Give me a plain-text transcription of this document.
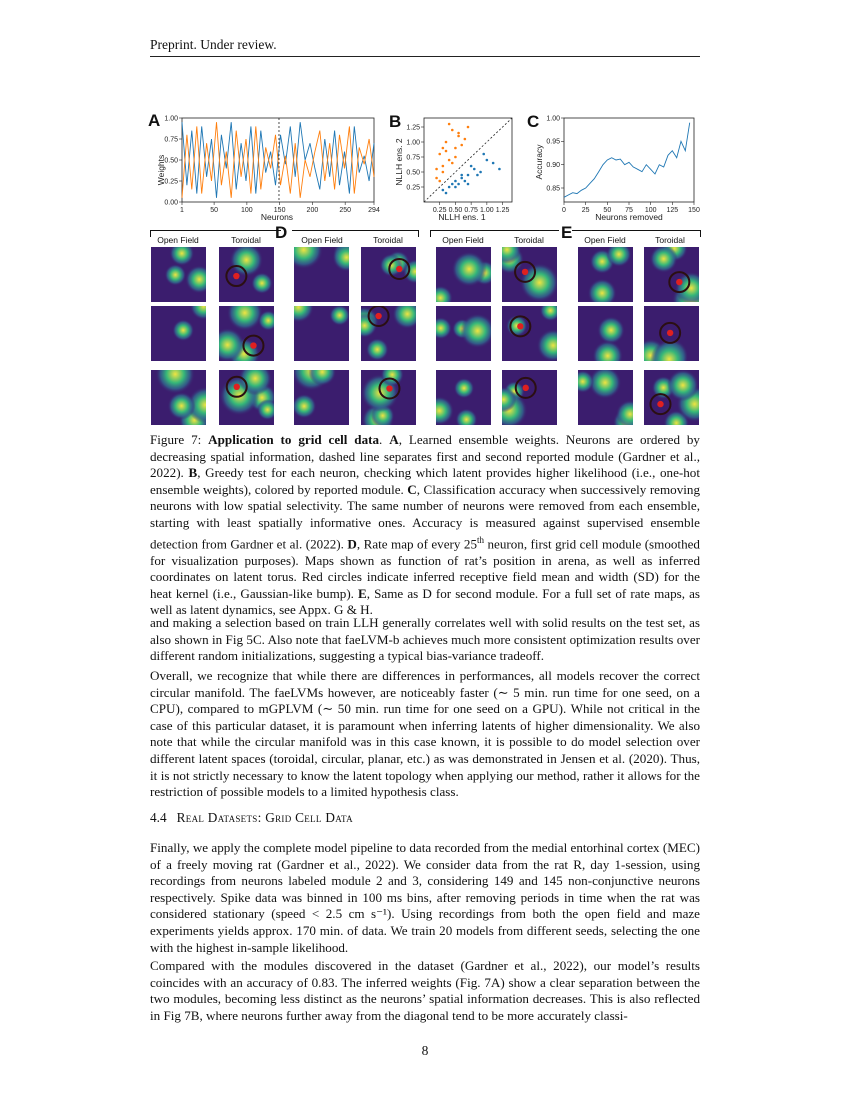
Preprint. Under review.
A
0.00
0.25
0.50
0.75
1.00
1	50	100	150	200	250 294
Weights
Neurons
B
0.25
0.50
0.75
1.00
1.25
0.25 0.50 0.75 1.00 1.25
NLLH ens. 2
NLLH ens. 1
C
0.85
0.90
0.95
1.00
0 25 50 75 100 125 150
Accuracy
Neurons removed
D	E
Open Field	Toroidal	Open Field	Toroidal	Open Field	Toroidal	Open Field	Toroidal
Figure 7: Application to grid cell data. A, Learned ensemble weights. Neurons are ordered by decreasing spatial information, dashed line separates first and second reported module (Gardner et al., 2022). B, Greedy test for each neuron, checking which latent provides higher likelihood (i.e., one-hot ensemble weights), colored by reported module. C, Classification accuracy when successively removing neurons with low spatial selectivity. The same number of neurons were removed from each ensemble, starting with least spatially informative ones. Accuracy is measured against supervised ensemble detection from Gardner et al. (2022). D, Rate map of every 25th neuron, first grid cell module (smoothed for visualization purposes). Maps shown as function of rat’s position in arena, as well as inferred coordinates on latent torus. Red circles indicate inferred receptive field mean and width (SD) for the heat kernel (i.e., Gaussian-like bump). E, Same as D for second module. For a full set of rate maps, as well as latent dynamics, see Appx. G & H.
and making a selection based on train LLH generally correlates well with solid results on the test set, as also shown in Fig 5C. Also note that faeLVM-b achieves much more consistent optimization results over different random initializations, suggesting a typical bias-variance tradeoff.
Overall, we recognize that while there are differences in performances, all models recover the correct circular manifold. The faeLVMs however, are noticeably faster (∼ 5 min. run time for one seed, on a CPU), compared to mGPLVM (∼ 50 min. run time for one seed on a GPU). While not critical in the case of this particular dataset, it is paramount when inferring latents of higher dimensionality. We also note that while the circular manifold was in this case known, it is possible to do model selection over different latent spaces (toroidal, circular, planar, etc.) as was demonstrated in Jensen et al. (2020). Thus, it is not strictly necessary to know the latent topology when applying our method, rather it allows for the restriction of possible models to a limited hypothesis class.
4.4 Real Datasets: Grid Cell Data
Finally, we apply the complete model pipeline to data recorded from the medial entorhinal cortex (MEC) of a freely moving rat (Gardner et al., 2022). We consider data from the rat R, day 1-session, using recordings from neurons labeled module 2 and 3, considering 149 and 145 non-conjunctive neurons respectively. Spike data was binned in 100 ms bins, after removing periods in time when the rat was considered stationary (speed < 2.5 cm s⁻¹). Using recordings from both the open field and maze experiments yields approx. 170 min. of data. We train 20 models from different seeds, selecting the one with the highest in-sample likelihood.
Compared with the modules discovered in the dataset (Gardner et al., 2022), our model’s results coincides with an accuracy of 0.83. The inferred weights (Fig. 7A) show a clear separation between the two modules, becoming less distinct as the neurons’ spatial information decreases. This is also reflected in Fig 7B, where neurons further away from the diagonal tend to be more accurately classi-
8
